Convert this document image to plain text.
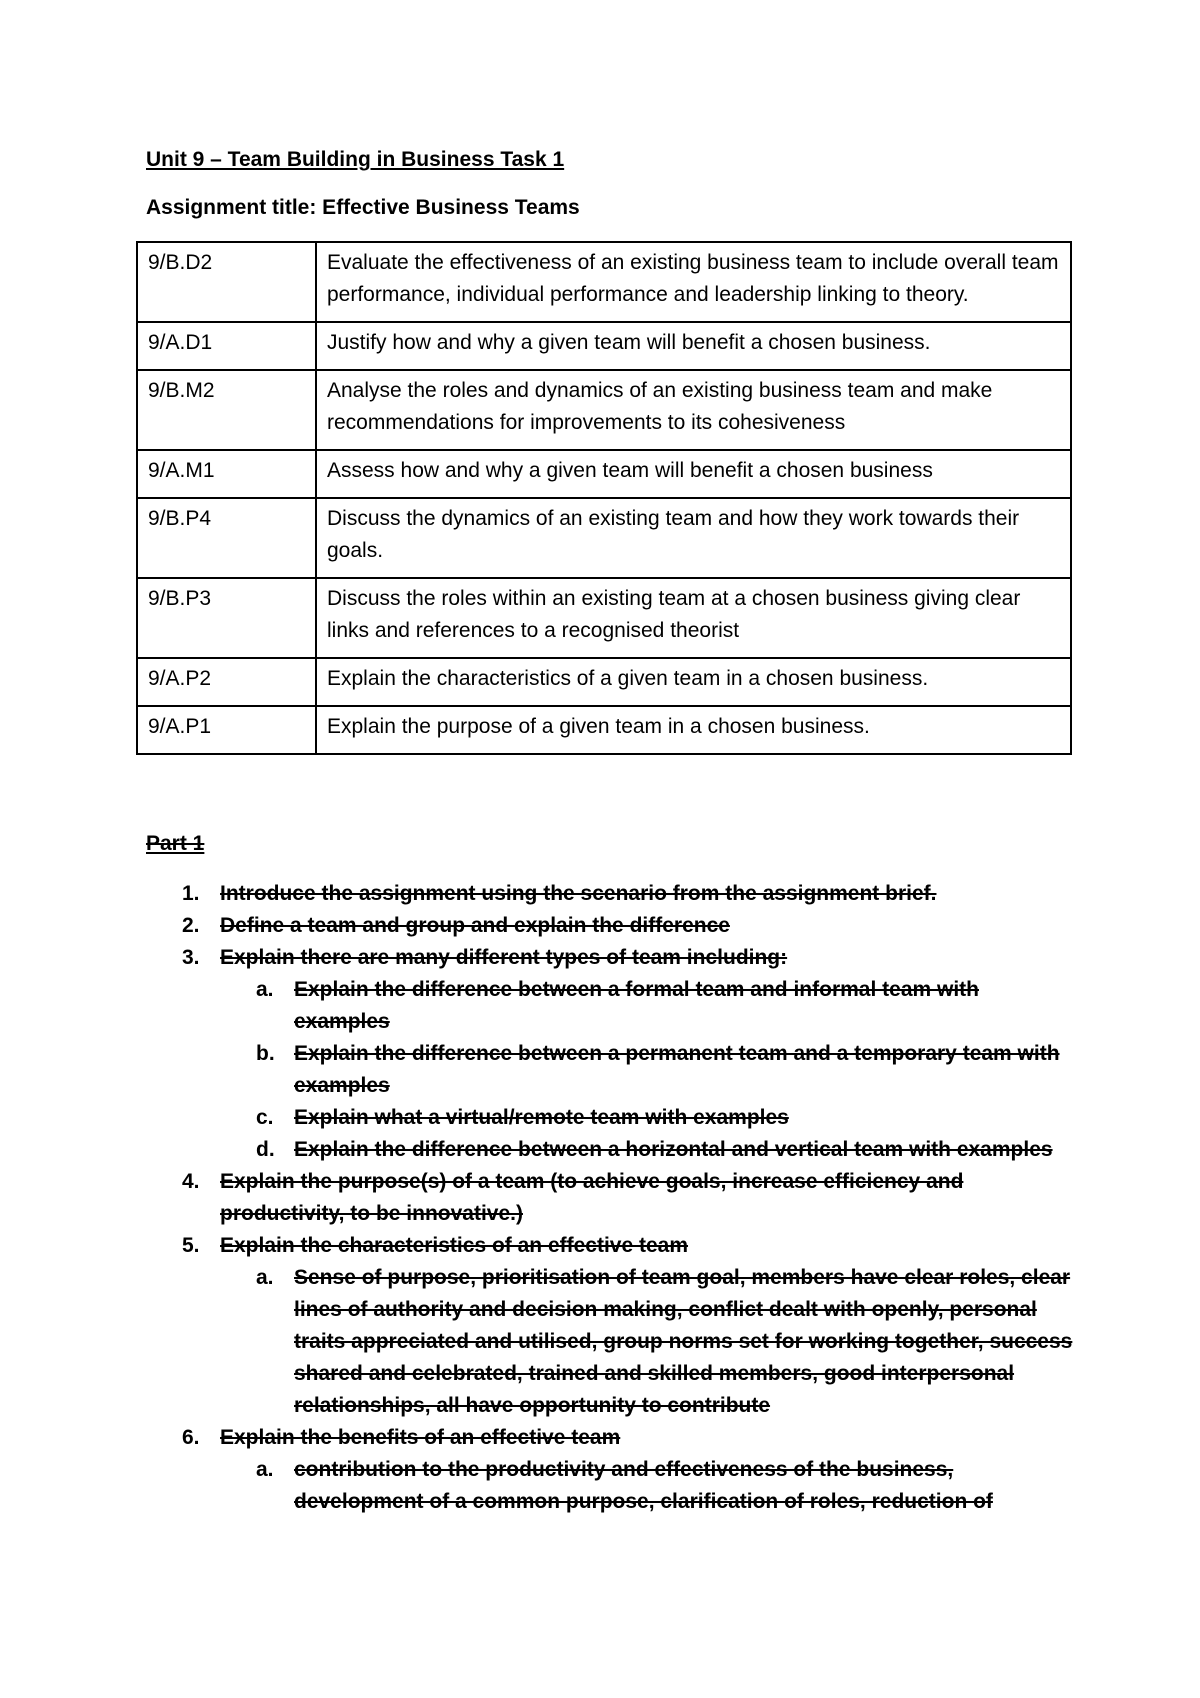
Unit 9 – Team Building in Business Task 1
Assignment title: Effective Business Teams
9/B.D2	Evaluate the effectiveness of an existing business team to include overall team performance, individual performance and leadership linking to theory.
9/A.D1	Justify how and why a given team will benefit a chosen business.
9/B.M2	Analyse the roles and dynamics of an existing business team and make recommendations for improvements to its cohesiveness
9/A.M1	Assess how and why a given team will benefit a chosen business
9/B.P4	Discuss the dynamics of an existing team and how they work towards their goals.
9/B.P3	Discuss the roles within an existing team at a chosen business giving clear links and references to a recognised theorist
9/A.P2	Explain the characteristics of a given team in a chosen business.
9/A.P1	Explain the purpose of a given team in a chosen business.
Part 1
1. Introduce the assignment using the scenario from the assignment brief.
2. Define a team and group and explain the difference
3. Explain there are many different types of team including:
a. Explain the difference between a formal team and informal team with examples
b. Explain the difference between a permanent team and a temporary team with examples
c. Explain what a virtual/remote team with examples
d. Explain the difference between a horizontal and vertical team with examples
4. Explain the purpose(s) of a team (to achieve goals, increase efficiency and productivity, to be innovative.)
5. Explain the characteristics of an effective team
a. Sense of purpose, prioritisation of team goal, members have clear roles, clear lines of authority and decision making, conflict dealt with openly, personal traits appreciated and utilised, group norms set for working together, success shared and celebrated, trained and skilled members, good interpersonal relationships, all have opportunity to contribute
6. Explain the benefits of an effective team
a. contribution to the productivity and effectiveness of the business, development of a common purpose, clarification of roles, reduction of
